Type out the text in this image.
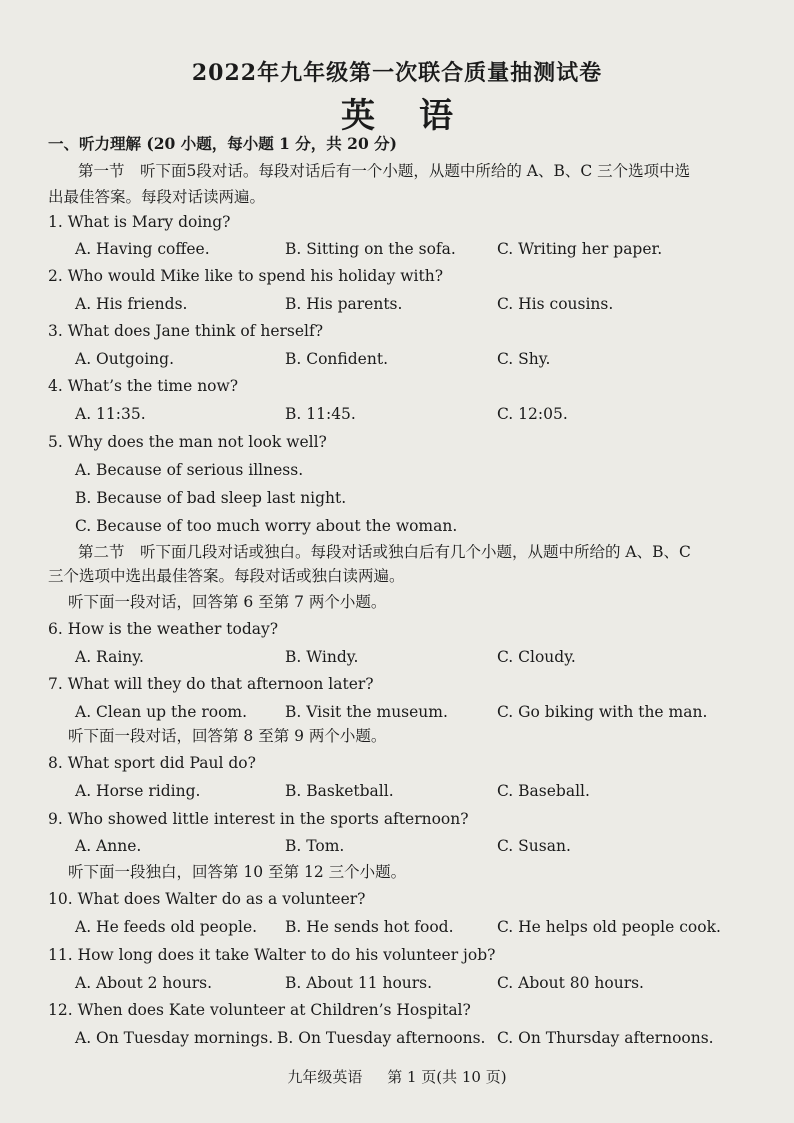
2022年九年级第一次联合质量抽测试卷
英语
一、听力理解 (20 小题，每小题 1 分，共 20 分)
第一节　听下面5段对话。每段对话后有一个小题，从题中所给的 A、B、C 三个选项中选
出最佳答案。每段对话读两遍。
1. What is Mary doing?
A. Having coffee.	B. Sitting on the sofa.	C. Writing her paper.
2. Who would Mike like to spend his holiday with?
A. His friends.	B. His parents.	C. His cousins.
3. What does Jane think of herself?
A. Outgoing.	B. Confident.	C. Shy.
4. What’s the time now?
A. 11:35.	B. 11:45.	C. 12:05.
5. Why does the man not look well?
A. Because of serious illness.
B. Because of bad sleep last night.
C. Because of too much worry about the woman.
第二节　听下面几段对话或独白。每段对话或独白后有几个小题，从题中所给的 A、B、C
三个选项中选出最佳答案。每段对话或独白读两遍。
听下面一段对话，回答第 6 至第 7 两个小题。
6. How is the weather today?
A. Rainy.	B. Windy.	C. Cloudy.
7. What will they do that afternoon later?
A. Clean up the room. B. Visit the museum.	C. Go biking with the man.
听下面一段对话，回答第 8 至第 9 两个小题。
8. What sport did Paul do?
A. Horse riding.	B. Basketball.	C. Baseball.
9. Who showed little interest in the sports afternoon?
A. Anne.	B. Tom.	C. Susan.
听下面一段独白，回答第 10 至第 12 三个小题。
10. What does Walter do as a volunteer?
A. He feeds old people. B. He sends hot food.	C. He helps old people cook.
11. How long does it take Walter to do his volunteer job?
A. About 2 hours.	B. About 11 hours.	C. About 80 hours.
12. When does Kate volunteer at Children’s Hospital?
A. On Tuesday mornings. B. On Tuesday afternoons. C. On Thursday afternoons.
九年级英语 第 1 页(共 10 页)
